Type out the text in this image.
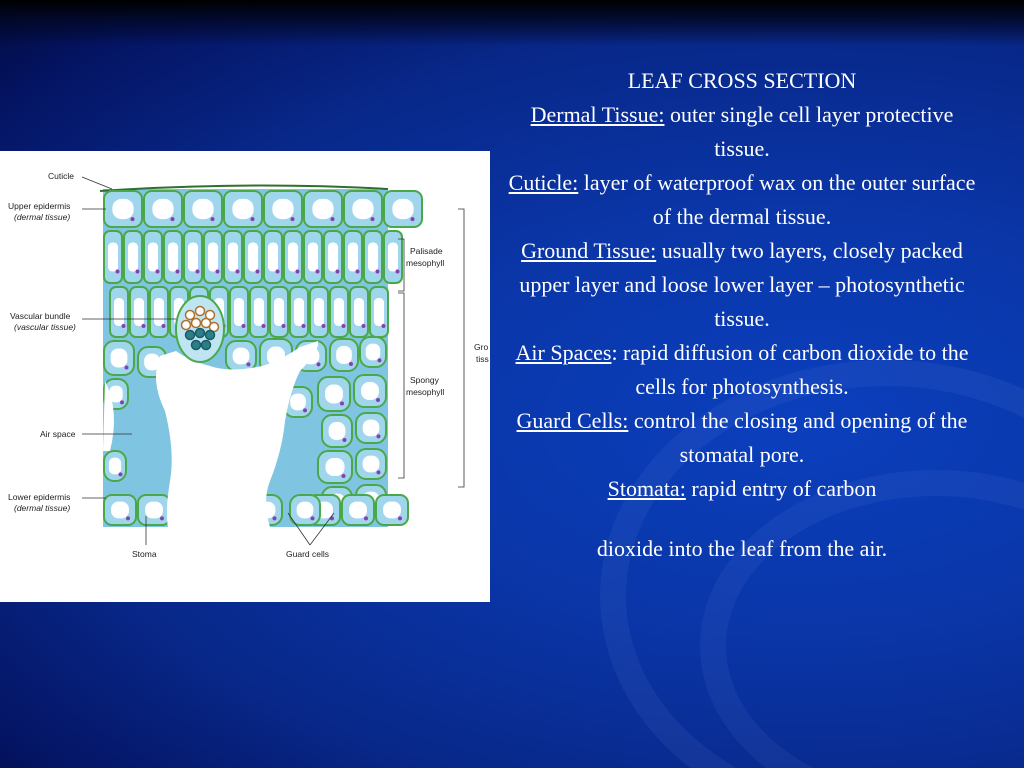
Cuticle
Upper epidermis
(dermal tissue)
Vascular bundle
(vascular tissue)
Air space
Lower epidermis
(dermal tissue)
Stoma	Guard cells
Palisade
mesophyll
Spongy
mesophyll
Gro
tiss

LEAF CROSS SECTION

Dermal Tissue: outer single cell layer protective tissue.

Cuticle: layer of waterproof wax on the outer surface of the dermal tissue.

Ground Tissue: usually two layers, closely packed upper layer and loose lower layer – photosynthetic tissue.

Air Spaces: rapid diffusion of carbon dioxide to the cells for photosynthesis.

Guard Cells: control the closing and opening of the stomatal pore.

Stomata: rapid entry of carbon

dioxide into the leaf from the air.
